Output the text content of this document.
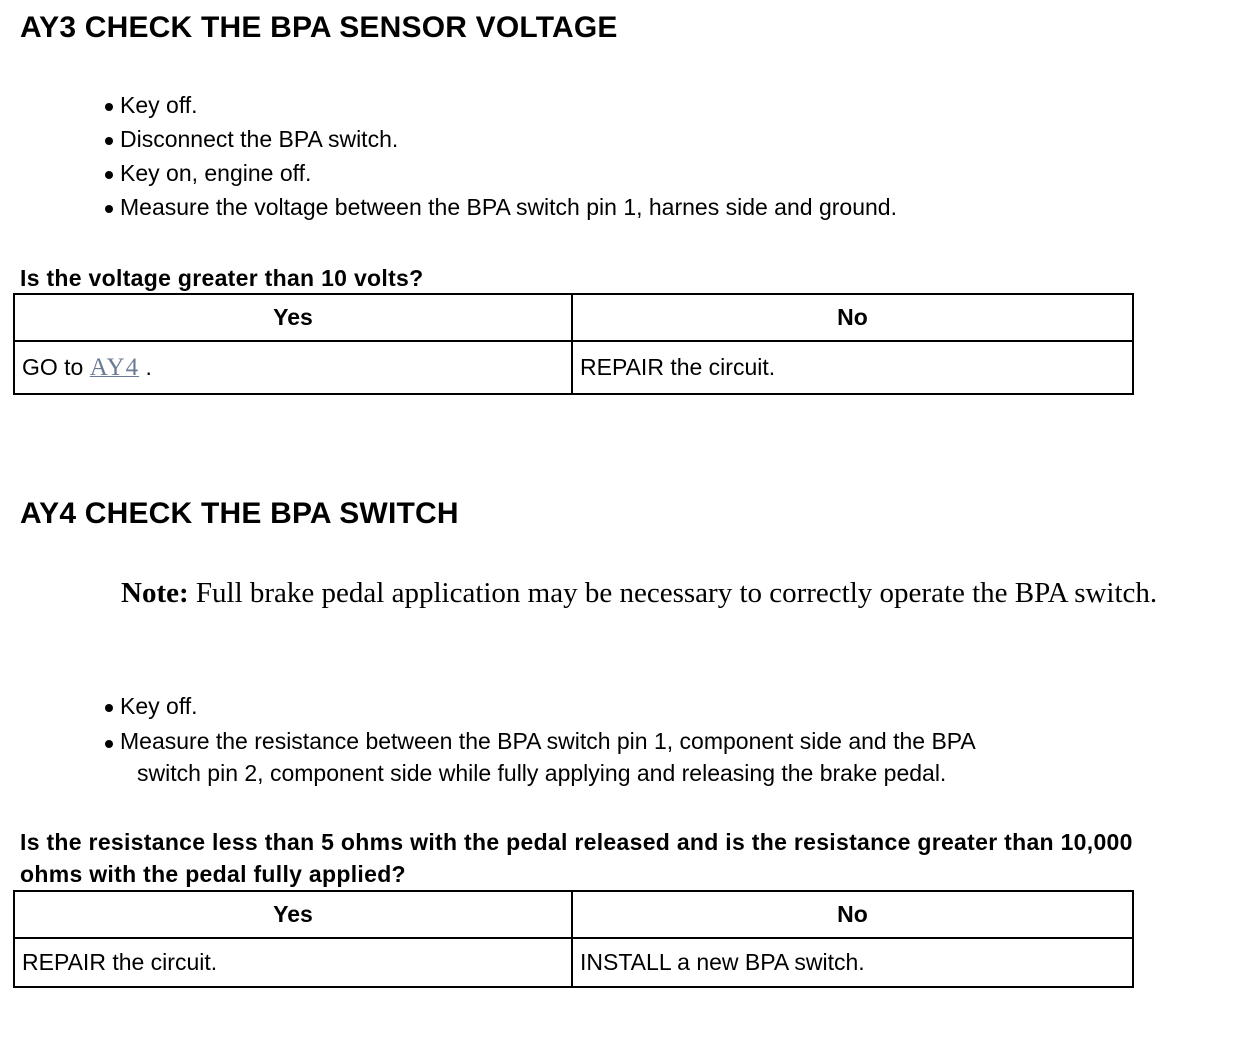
AY3 CHECK THE BPA SENSOR VOLTAGE
Key off.
Disconnect the BPA switch.
Key on, engine off.
Measure the voltage between the BPA switch pin 1, harnes side and ground.
Is the voltage greater than 10 volts?
Yes	No
GO to AY4 .	REPAIR the circuit.
AY4 CHECK THE BPA SWITCH
Note: Full brake pedal application may be necessary to correctly operate the BPA switch.
Key off.
Measure the resistance between the BPA switch pin 1, component side and the BPA
switch pin 2, component side while fully applying and releasing the brake pedal.
Is the resistance less than 5 ohms with the pedal released and is the resistance greater than 10,000 ohms with the pedal fully applied?
Yes	No
REPAIR the circuit.	INSTALL a new BPA switch.
